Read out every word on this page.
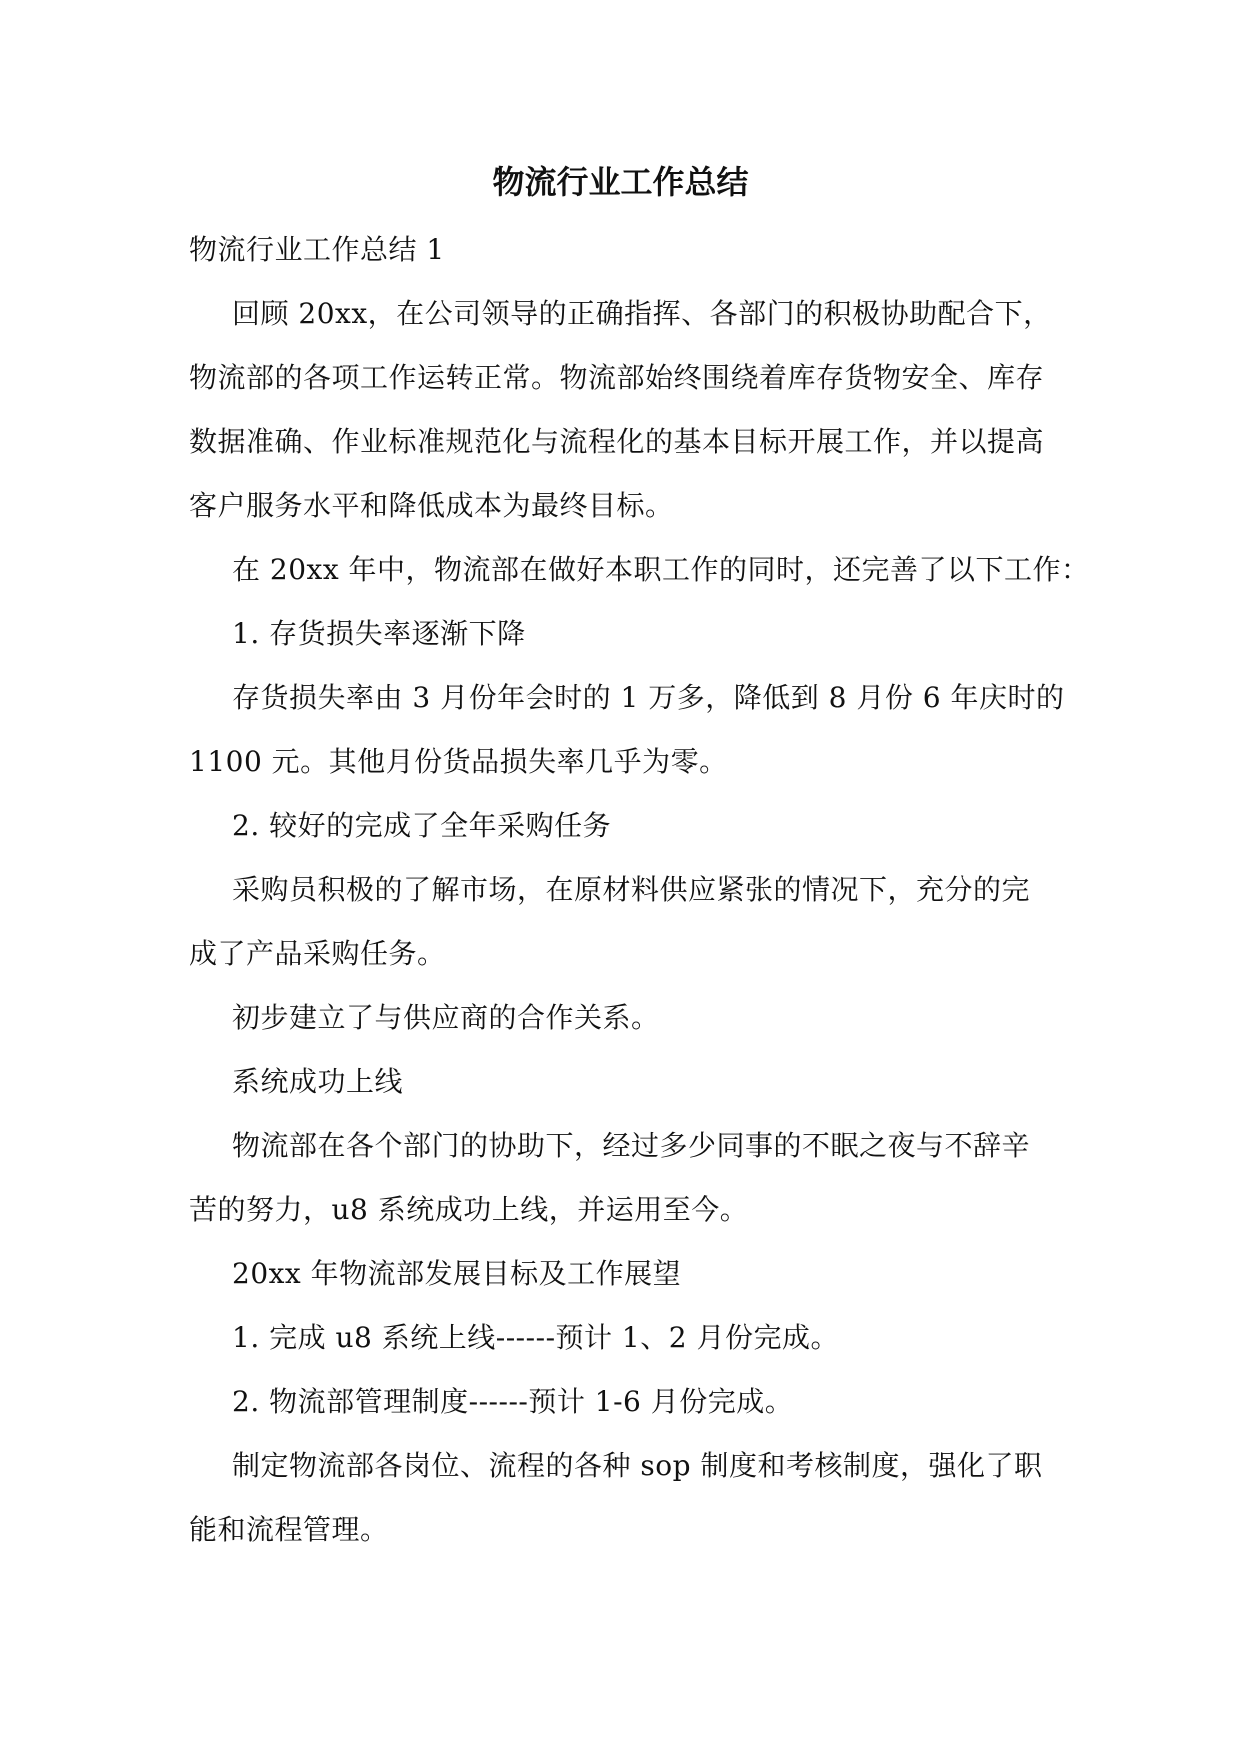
物流行业工作总结
物流行业工作总结 1
回顾 20xx，在公司领导的正确指挥、各部门的积极协助配合下，
物流部的各项工作运转正常。物流部始终围绕着库存货物安全、库存
数据准确、作业标准规范化与流程化的基本目标开展工作，并以提高
客户服务水平和降低成本为最终目标。
在 20xx 年中，物流部在做好本职工作的同时，还完善了以下工作：
1. 存货损失率逐渐下降
存货损失率由 3 月份年会时的 1 万多，降低到 8 月份 6 年庆时的
1100 元。其他月份货品损失率几乎为零。
2. 较好的完成了全年采购任务
采购员积极的了解市场，在原材料供应紧张的情况下，充分的完
成了产品采购任务。
初步建立了与供应商的合作关系。
系统成功上线
物流部在各个部门的协助下，经过多少同事的不眠之夜与不辞辛
苦的努力，u8 系统成功上线，并运用至今。
20xx 年物流部发展目标及工作展望
1. 完成 u8 系统上线------预计 1、2 月份完成。
2. 物流部管理制度------预计 1-6 月份完成。
制定物流部各岗位、流程的各种 sop 制度和考核制度，强化了职
能和流程管理。
